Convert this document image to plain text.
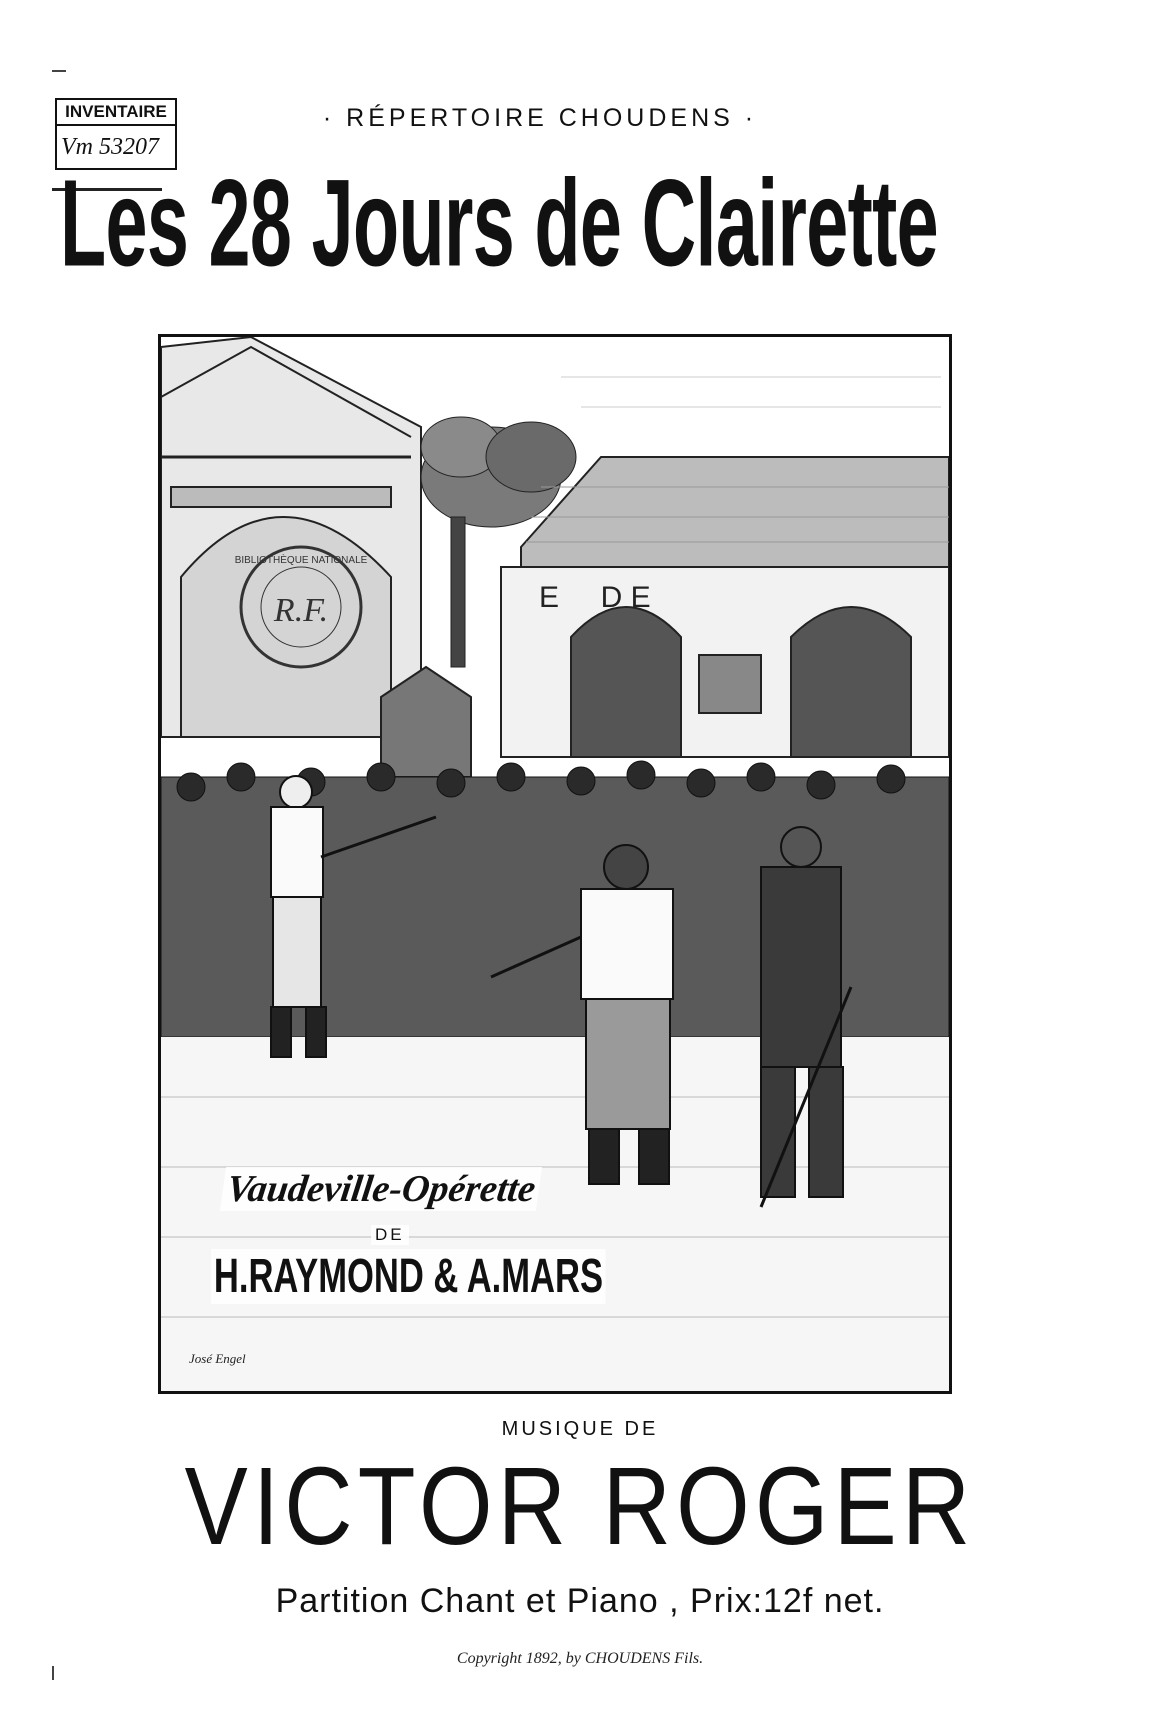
INVENTAIRE
Vm 53207
· RÉPERTOIRE CHOUDENS ·
Les 28 Jours de Clairette
R.F.
BIBLIOTHÈQUE NATIONALE
E     D E
Vaudeville-Opérette
DE
H.RAYMOND & A.MARS
José Engel
MUSIQUE DE
VICTOR ROGER
Partition Chant et Piano , Prix:12f net.
Copyright 1892, by CHOUDENS Fils.
